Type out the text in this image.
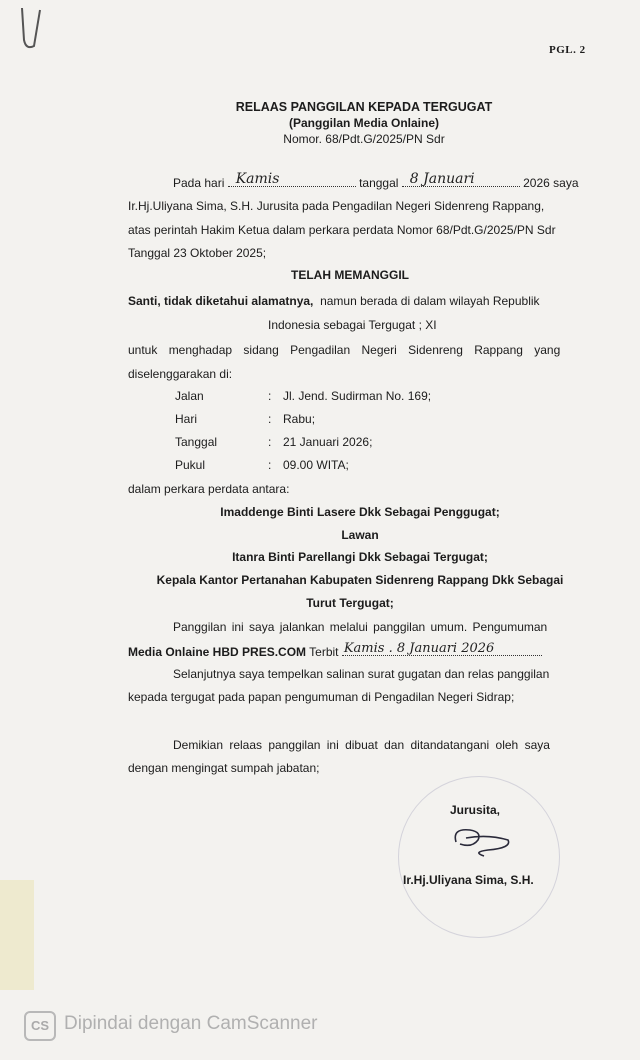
PGL. 2
RELAAS PANGGILAN KEPADA TERGUGAT
(Panggilan Media Onlaine)
Nomor. 68/Pdt.G/2025/PN Sdr
Pada hari Kamis	tanggal 8 Januari	2026 saya
Ir.Hj.Uliyana Sima, S.H. Jurusita pada Pengadilan Negeri Sidenreng Rappang,
atas perintah Hakim Ketua dalam perkara perdata Nomor 68/Pdt.G/2025/PN Sdr
Tanggal 23 Oktober 2025;
TELAH MEMANGGIL
Santi, tidak diketahui alamatnya, namun berada di dalam wilayah Republik
Indonesia sebagai Tergugat ; XI
untuk menghadap sidang Pengadilan Negeri Sidenreng Rappang yang
diselenggarakan di:
Jalan	: Jl. Jend. Sudirman No. 169;
Hari	: Rabu;
Tanggal	: 21 Januari 2026;
Pukul	: 09.00 WITA;
dalam perkara perdata antara:
Imaddenge Binti Lasere Dkk Sebagai Penggugat;
Lawan
Itanra Binti Parellangi Dkk Sebagai Tergugat;
Kepala Kantor Pertanahan Kabupaten Sidenreng Rappang Dkk Sebagai
Turut Tergugat;
Panggilan ini saya jalankan melalui panggilan umum. Pengumuman
Media Onlaine HBD PRES.COM Terbit Kamis . 8 Januari 2026
Selanjutnya saya tempelkan salinan surat gugatan dan relas panggilan
kepada tergugat pada papan pengumuman di Pengadilan Negeri Sidrap;
Demikian relaas panggilan ini dibuat dan ditandatangani oleh saya
dengan mengingat sumpah jabatan;
Jurusita,
Ir.Hj.Uliyana Sima, S.H.
CS Dipindai dengan CamScanner
